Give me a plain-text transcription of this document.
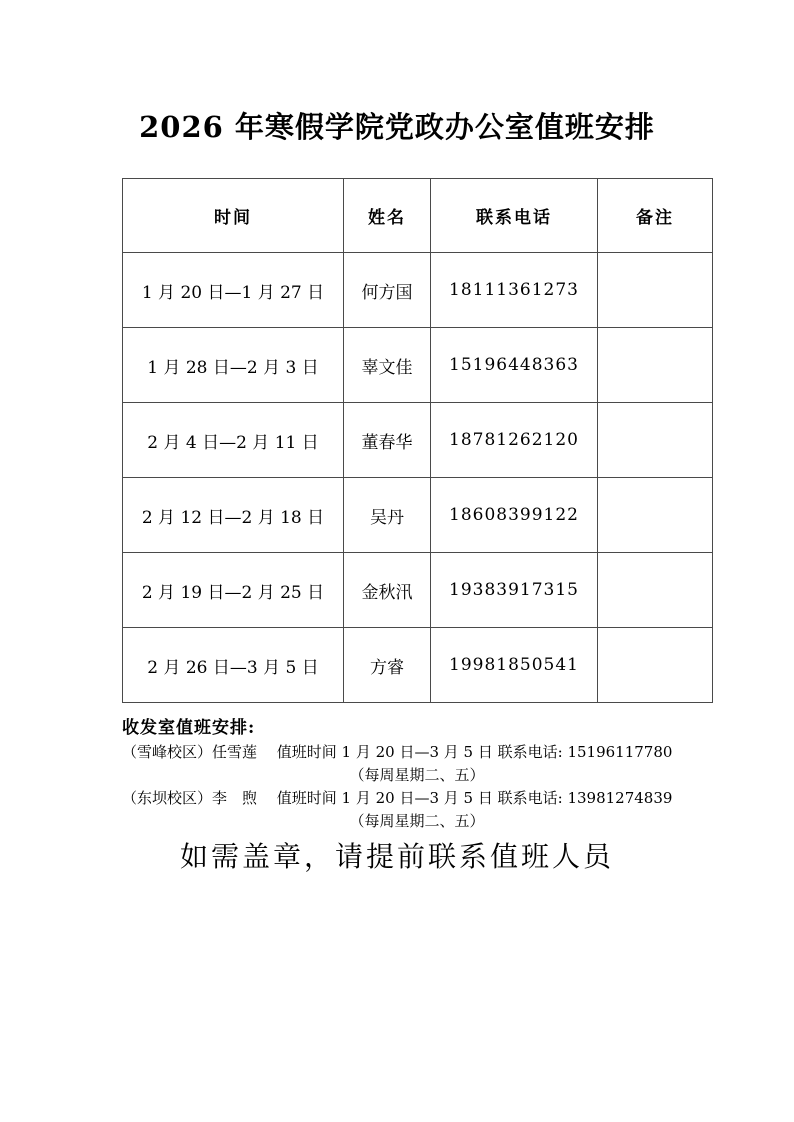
2026 年寒假学院党政办公室值班安排
时间	姓名	联系电话	备注
1 月 20 日—1 月 27 日	何方国	18111361273	
1 月 28 日—2 月 3 日	辜文佳	15196448363	
2 月 4 日—2 月 11 日	董春华	18781262120	
2 月 12 日—2 月 18 日	吴丹	18608399122	
2 月 19 日—2 月 25 日	金秋汛	19383917315	
2 月 26 日—3 月 5 日	方睿	19981850541	
收发室值班安排:
（雪峰校区）任雪莲　 值班时间 1 月 20 日—3 月 5 日 联系电话: 15196117780
（每周星期二、五）
（东坝校区）李　煦　 值班时间 1 月 20 日—3 月 5 日 联系电话: 13981274839
（每周星期二、五）
如需盖章，请提前联系值班人员
